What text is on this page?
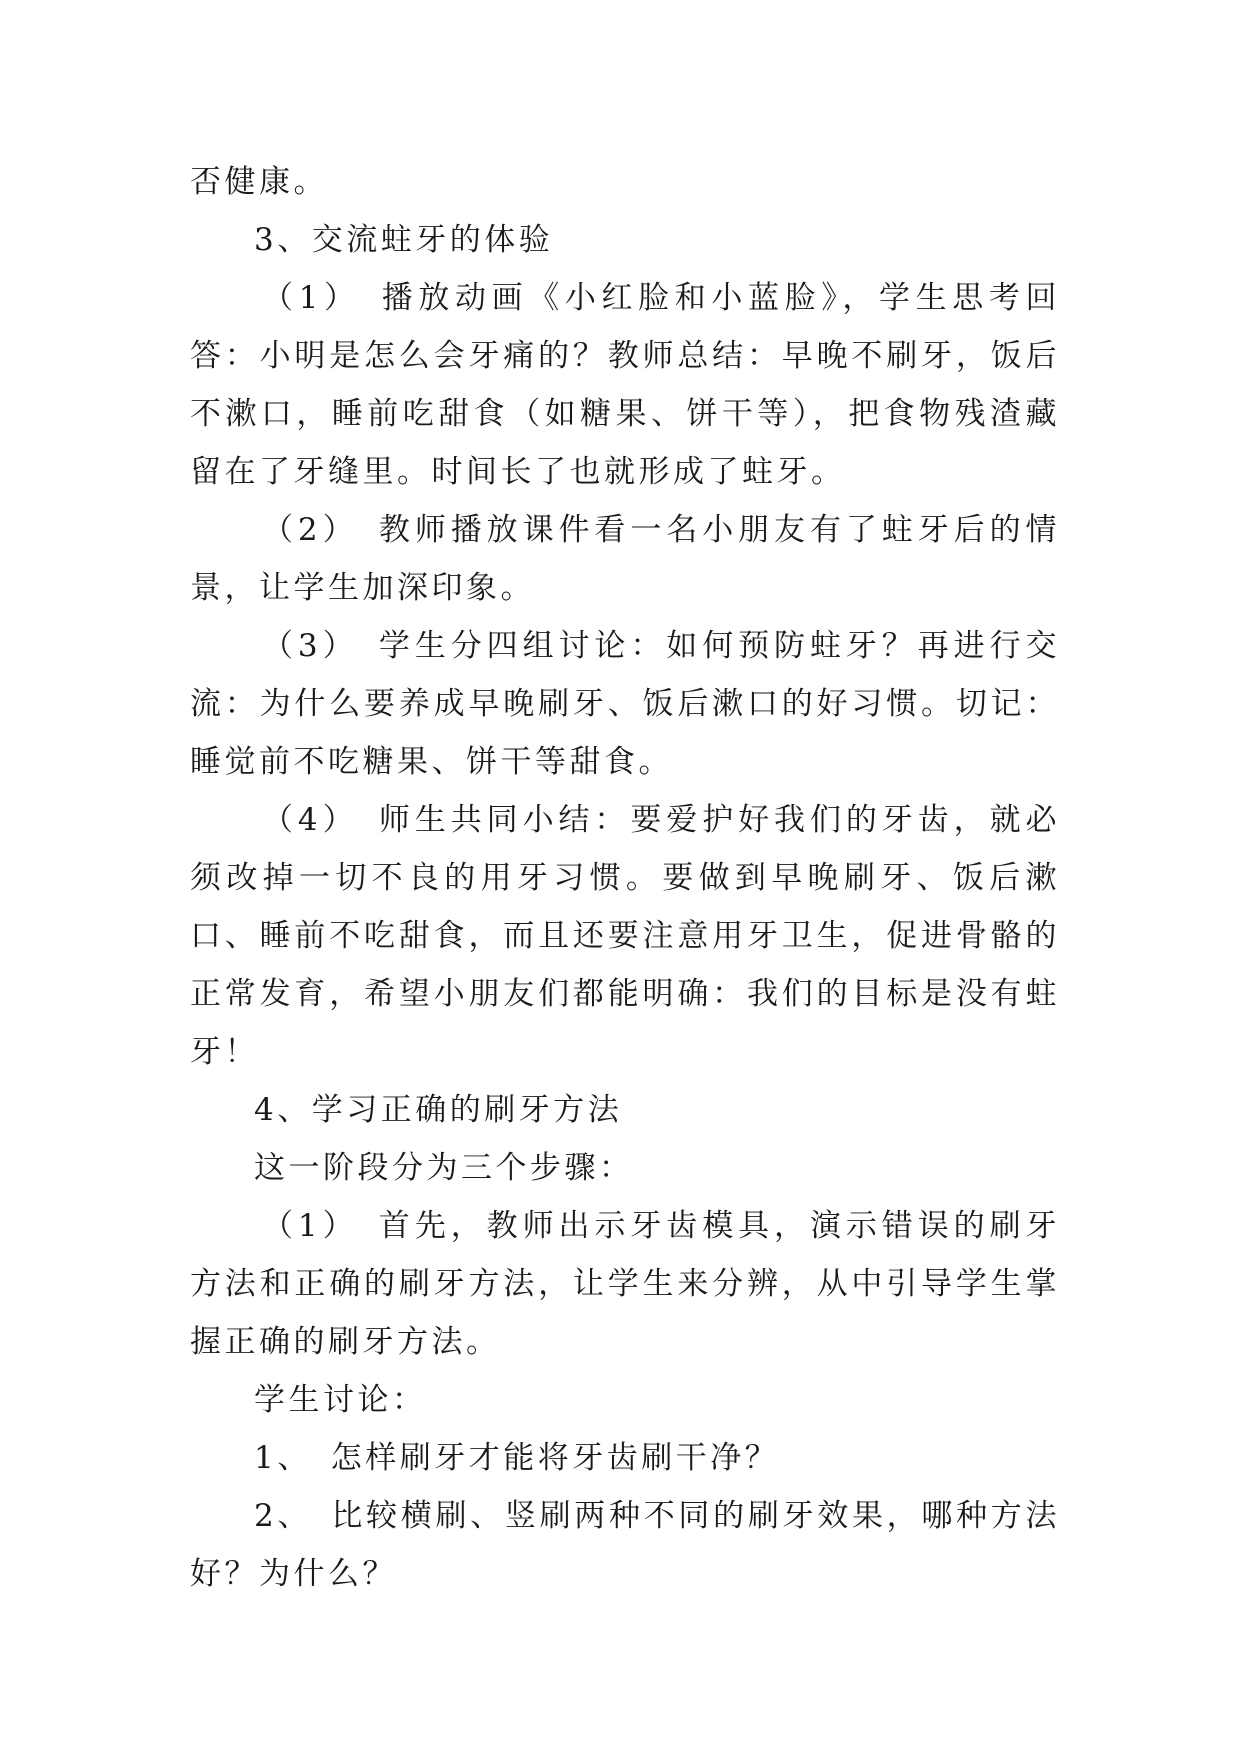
否健康。

3、交流蛀牙的体验

（1）　播放动画《小红脸和小蓝脸》，学生思考回答：小明是怎么会牙痛的？教师总结：早晚不刷牙，饭后不漱口，睡前吃甜食（如糖果、饼干等），把食物残渣藏留在了牙缝里。时间长了也就形成了蛀牙。

（2）　教师播放课件看一名小朋友有了蛀牙后的情景，让学生加深印象。

（3）　学生分四组讨论：如何预防蛀牙？再进行交流：为什么要养成早晚刷牙、饭后漱口的好习惯。切记：睡觉前不吃糖果、饼干等甜食。

（4）　师生共同小结：要爱护好我们的牙齿，就必须改掉一切不良的用牙习惯。要做到早晚刷牙、饭后漱口、睡前不吃甜食，而且还要注意用牙卫生，促进骨骼的正常发育，希望小朋友们都能明确：我们的目标是没有蛀牙！

4、学习正确的刷牙方法

这一阶段分为三个步骤：

（1）　首先，教师出示牙齿模具，演示错误的刷牙方法和正确的刷牙方法，让学生来分辨，从中引导学生掌握正确的刷牙方法。

学生讨论：

1、　怎样刷牙才能将牙齿刷干净？

2、　比较横刷、竖刷两种不同的刷牙效果，哪种方法好？为什么？
